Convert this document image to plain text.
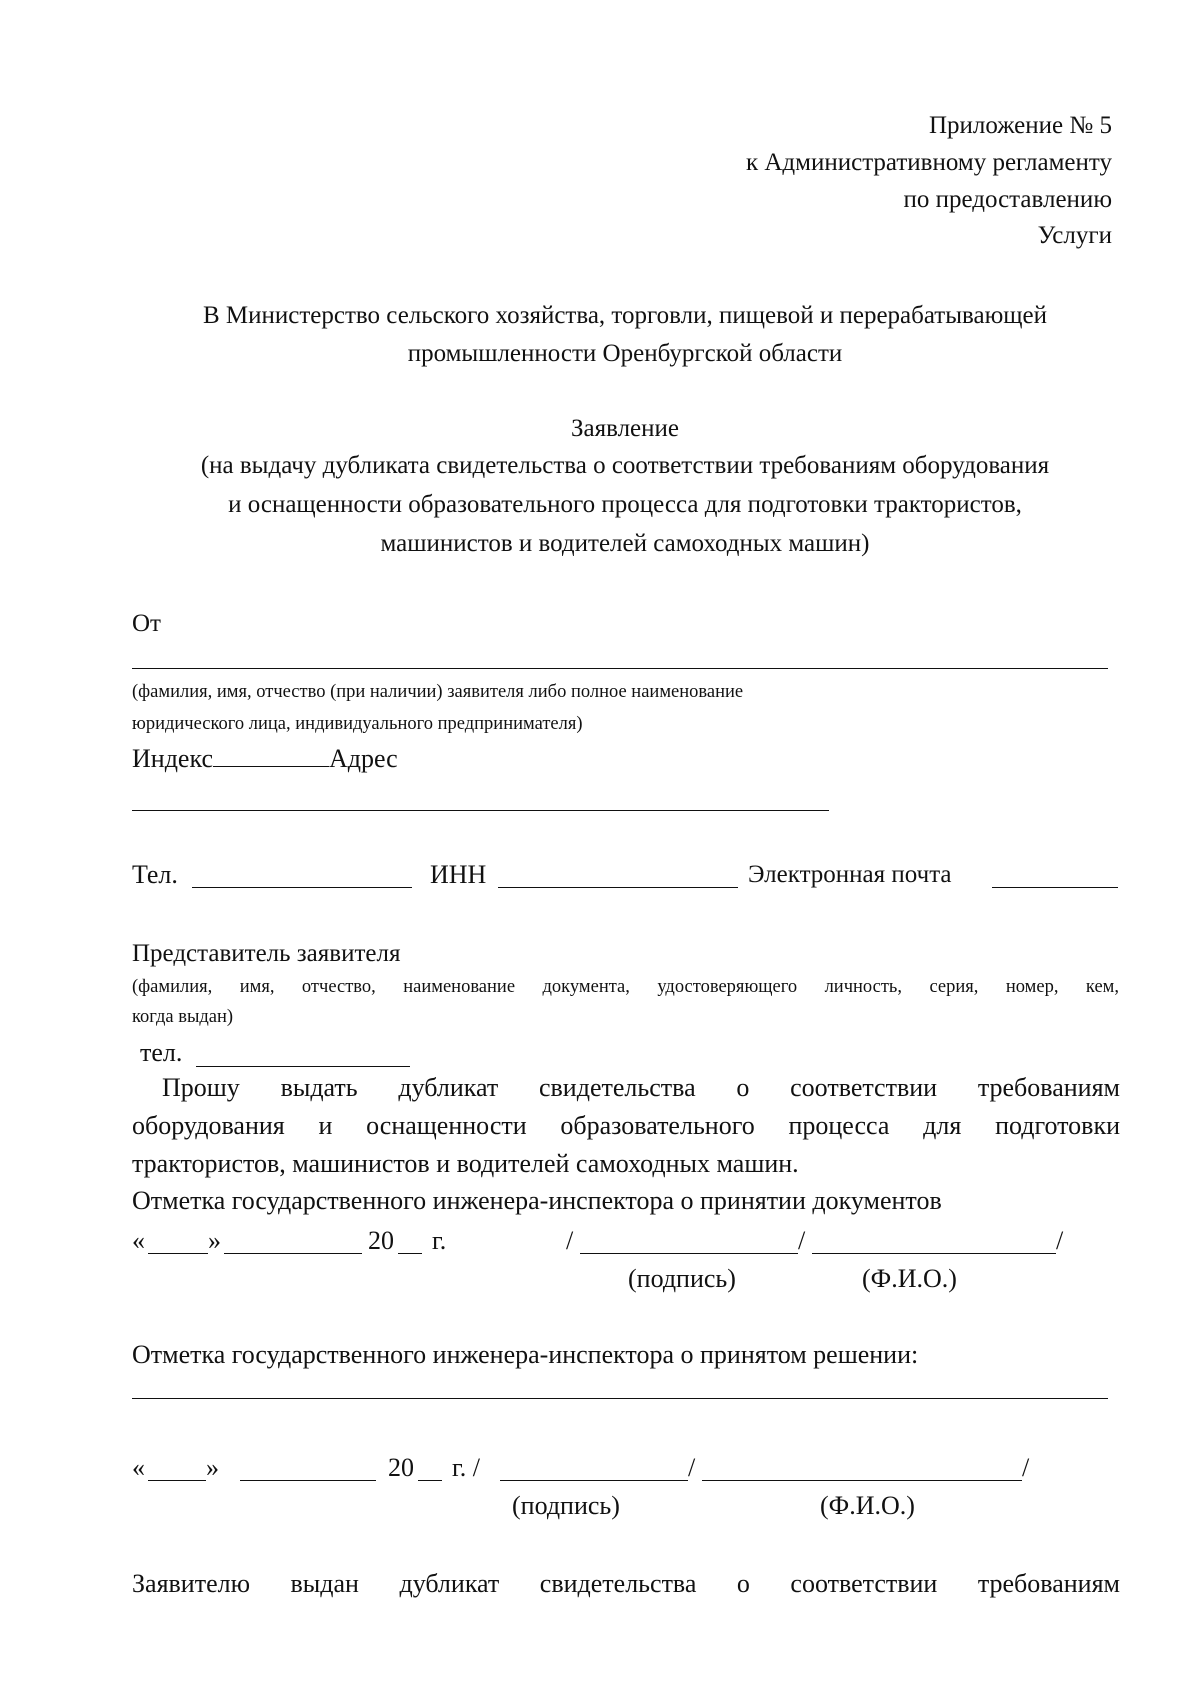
Приложение № 5
к Административному регламенту
по предоставлению
Услуги
В Министерство сельского хозяйства, торговли, пищевой и перерабатывающей
промышленности Оренбургской области
Заявление
(на выдачу дубликата свидетельства о соответствии требованиям оборудования
и оснащенности образовательного процесса для подготовки трактористов,
машинистов и водителей самоходных машин)
От
(фамилия, имя, отчество (при наличии) заявителя либо полное наименование
юридического лица, индивидуального предпринимателя)
Индекс	Адрес
Тел.	ИНН	Электронная почта
Представитель заявителя
(фамилия, имя, отчество, наименование документа, удостоверяющего личность, серия, номер, кем,
когда выдан)
тел.
Прошу выдать дубликат свидетельства о соответствии требованиям
оборудования и оснащенности образовательного процесса для подготовки
трактористов, машинистов и водителей самоходных машин.
Отметка государственного инженера-инспектора о принятии документов
« »	20 г.	/	/	/
(подпись)	(Ф.И.О.)
Отметка государственного инженера-инспектора о принятом решении:
« »	20 г. /	/	/
(подпись)	(Ф.И.О.)
Заявителю выдан дубликат свидетельства о соответствии требованиям
